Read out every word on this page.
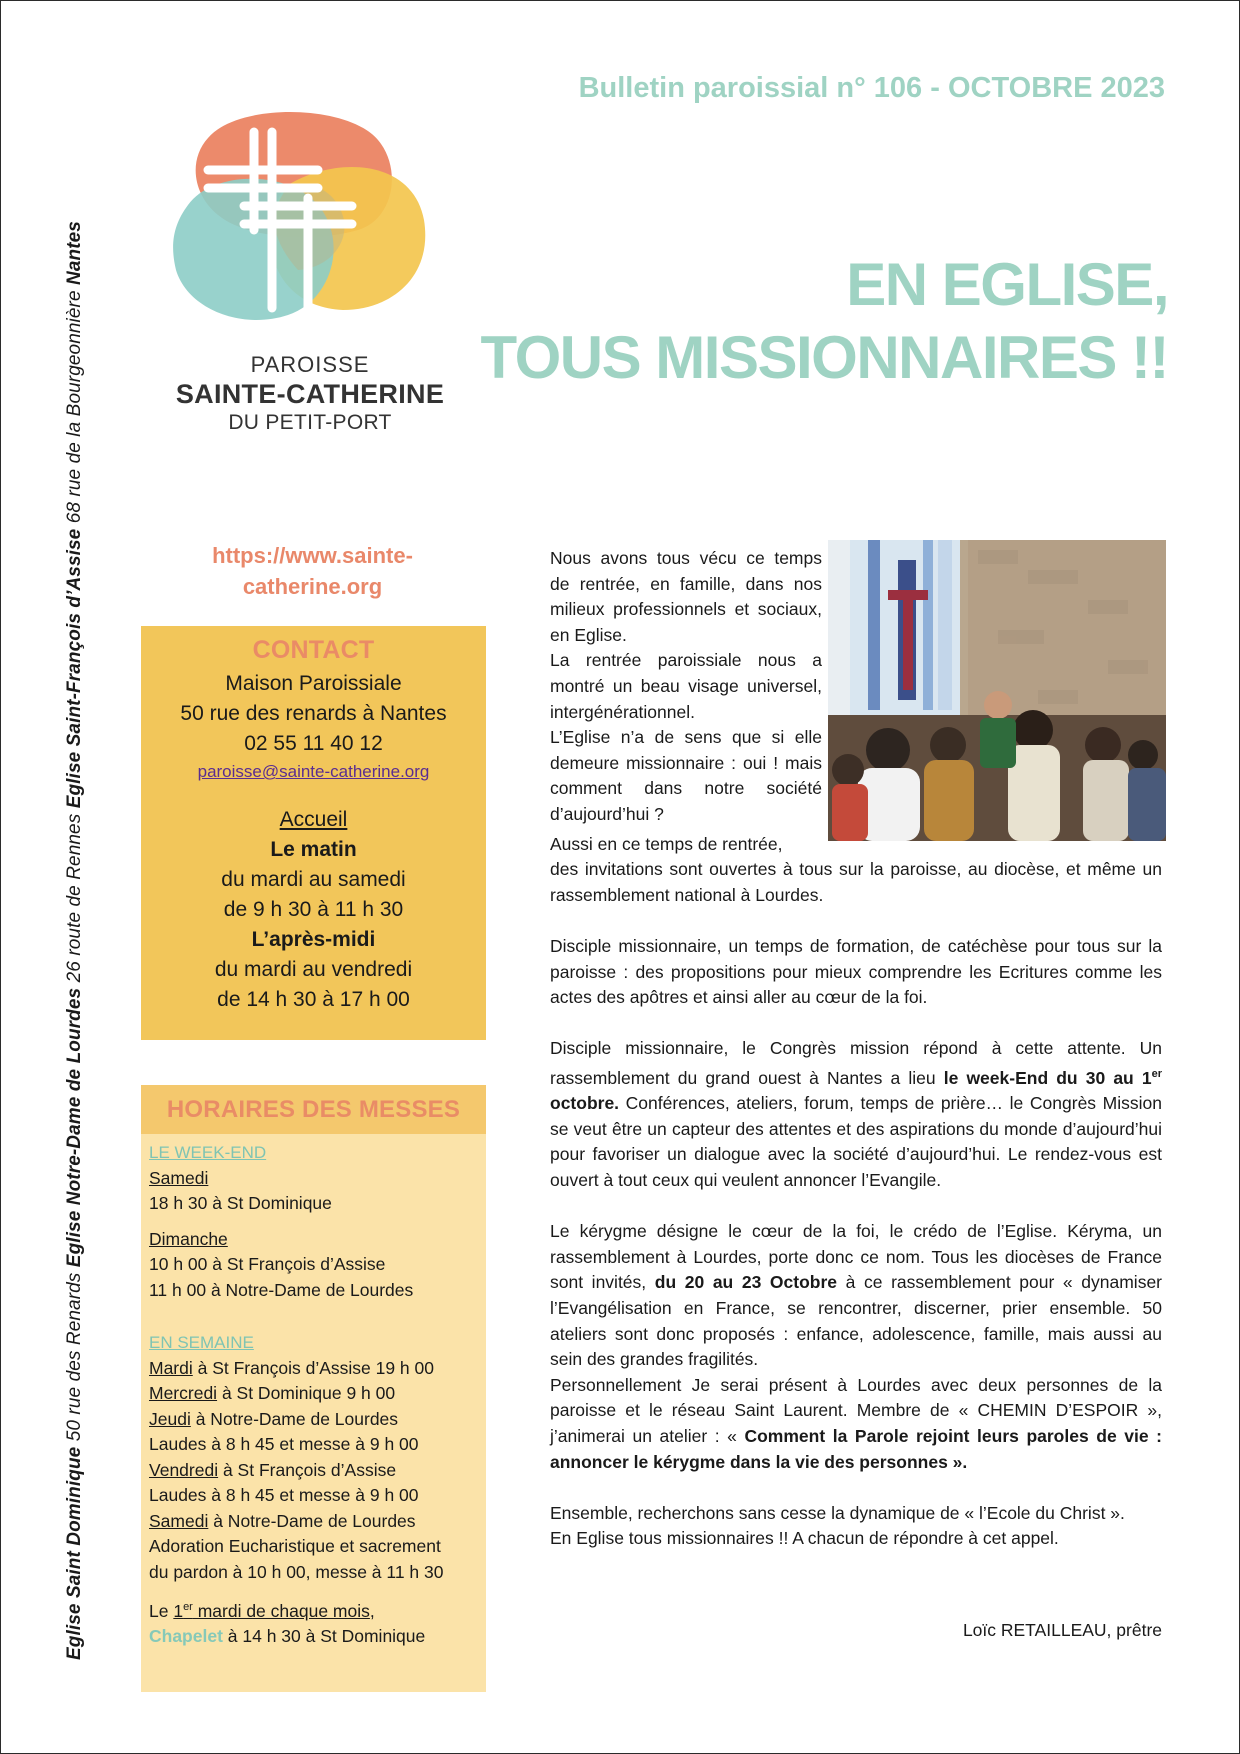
Eglise Saint Dominique 50 rue des Renards Eglise Notre-Dame de Lourdes 26 route de Rennes Eglise Saint-François d’Assise 68 rue de la Bourgeonnière Nantes
Bulletin paroissial n° 106 - OCTOBRE 2023
EN EGLISE,
TOUS MISSIONNAIRES !!
PAROISSE
SAINTE-CATHERINE
DU PETIT-PORT
https://www.sainte-
catherine.org
CONTACT
Maison Paroissiale
50 rue des renards à Nantes
02 55 11 40 12
paroisse@sainte-catherine.org
Accueil
Le matin
du mardi au samedi
de 9 h 30 à 11 h 30
L’après-midi
du mardi au vendredi
de 14 h 30 à 17 h 00
HORAIRES DES MESSES
LE WEEK-END
Samedi
18 h 30 à St Dominique
Dimanche
10 h 00 à St François d’Assise
11 h 00 à Notre-Dame de Lourdes
EN SEMAINE
Mardi à St François d’Assise 19 h 00
Mercredi à St Dominique 9 h 00
Jeudi à Notre-Dame de Lourdes
Laudes à 8 h 45 et messe à 9 h 00
Vendredi à St François d’Assise
Laudes à 8 h 45 et messe à 9 h 00
Samedi à Notre-Dame de Lourdes
Adoration Eucharistique et sacrement
du pardon à 10 h 00, messe à 11 h 30
Le 1er mardi de chaque mois,
Chapelet à 14 h 30 à St Dominique

Nous avons tous vécu ce temps de rentrée, en famille, dans nos milieux professionnels et sociaux, en Eglise.

La rentrée paroissiale nous a montré un beau visage universel, intergénérationnel.

L’Eglise n’a de sens que si elle demeure missionnaire : oui ! mais comment dans notre société d’aujourd’hui ?

Aussi en ce temps de rentrée,

des invitations sont ouvertes à tous sur la paroisse, au diocèse, et même un rassemblement national à Lourdes.

Disciple missionnaire, un temps de formation, de catéchèse pour tous sur la paroisse : des propositions pour mieux comprendre les Ecritures comme les actes des apôtres et ainsi aller au cœur de la foi.

Disciple missionnaire, le Congrès mission répond à cette attente. Un rassemblement du grand ouest à Nantes a lieu le week-End du 30 au 1er octobre. Conférences, ateliers, forum, temps de prière… le Congrès Mission se veut être un capteur des attentes et des aspirations du monde d’aujourd’hui pour favoriser un dialogue avec la société d’aujourd’hui. Le rendez-vous est ouvert à tout ceux qui veulent annoncer l’Evangile.

Le kérygme désigne le cœur de la foi, le crédo de l’Eglise. Kéryma, un rassemblement à Lourdes, porte donc ce nom. Tous les diocèses de France sont invités, du 20 au 23 Octobre à ce rassemblement pour « dynamiser l’Evangélisation en France, se rencontrer, discerner, prier ensemble. 50 ateliers sont donc proposés : enfance, adolescence, famille, mais aussi au sein des grandes fragilités.

Personnellement Je serai présent à Lourdes avec deux personnes de la paroisse et le réseau Saint Laurent. Membre de « CHEMIN D’ESPOIR », j’animerai un atelier : « Comment la Parole rejoint leurs paroles de vie : annoncer le kérygme dans la vie des personnes ».

Ensemble, recherchons sans cesse la dynamique de « l’Ecole du Christ ».

En Eglise tous missionnaires !! A chacun de répondre à cet appel.

Loïc RETAILLEAU, prêtre
